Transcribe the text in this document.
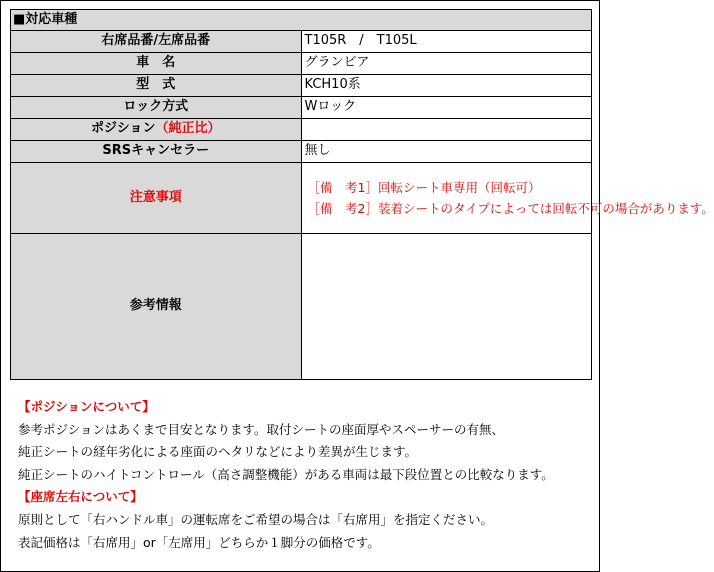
■対応車種	
右席品番/左席品番	T105R　/　T105L
車　名	グランビア
型　式	KCH10系
ロック方式	Wロック
ポジション（純正比）	
SRSキャンセラー	無し
注意事項	［備　考1］回転シート車専用（回転可）
［備　考2］装着シートのタイプによっては回転不可の場合があります。

参考情報	
【ポジションについて】
参考ポジションはあくまで目安となります。取付シートの座面厚やスペーサーの有無、
純正シートの経年劣化による座面のヘタリなどにより差異が生じます。
純正シートのハイトコントロール（高さ調整機能）がある車両は最下段位置との比較なります。
【座席左右について】
原則として「右ハンドル車」の運転席をご希望の場合は「右席用」を指定ください。
表記価格は「右席用」or「左席用」どちらか１脚分の価格です。
